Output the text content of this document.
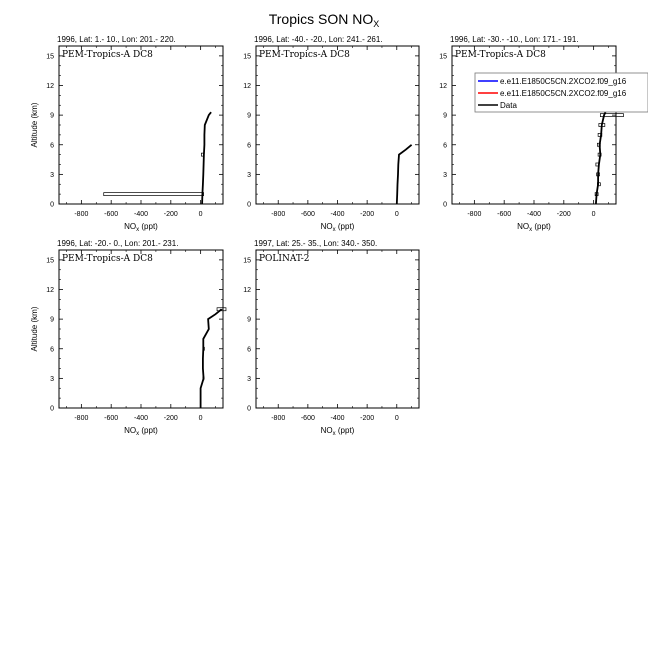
Tropics SON $NO_X$
1996, Lat: 1.- 10., Lon: 201.- 220.
PEM-Tropics-A DC8
-800 -600 -400 -200	0
0
3
6
9
12
15
$NO_x$ (ppt)
Altitude (km)
1996, Lat: -40.- -20., Lon: 241.- 261.
PEM-Tropics-A DC8
-800 -600 -400 -200	0
0
3
6
9
12
15
$NO_x$ (ppt)
1996, Lat: -30.- -10., Lon: 171.- 191.
PEM-Tropics-A DC8
-800 -600 -400 -200	0
0
3
6
9
12
15
$NO_x$ (ppt)
1996, Lat: -20.- 0., Lon: 201.- 231.
PEM-Tropics-A DC8
-800 -600 -400 -200	0
0
3
6
9
12
15
$NO_x$ (ppt)
Altitude (km)
1997, Lat: 25.- 35., Lon: 340.- 350.
POLINAT-2
-800 -600 -400 -200	0
0
3
6
9
12
15
$NO_x$ (ppt)
e.e11.E1850C5CN.2XCO2.f09_g16
e.e11.E1850C5CN.2XCO2.f09_g16
Data
